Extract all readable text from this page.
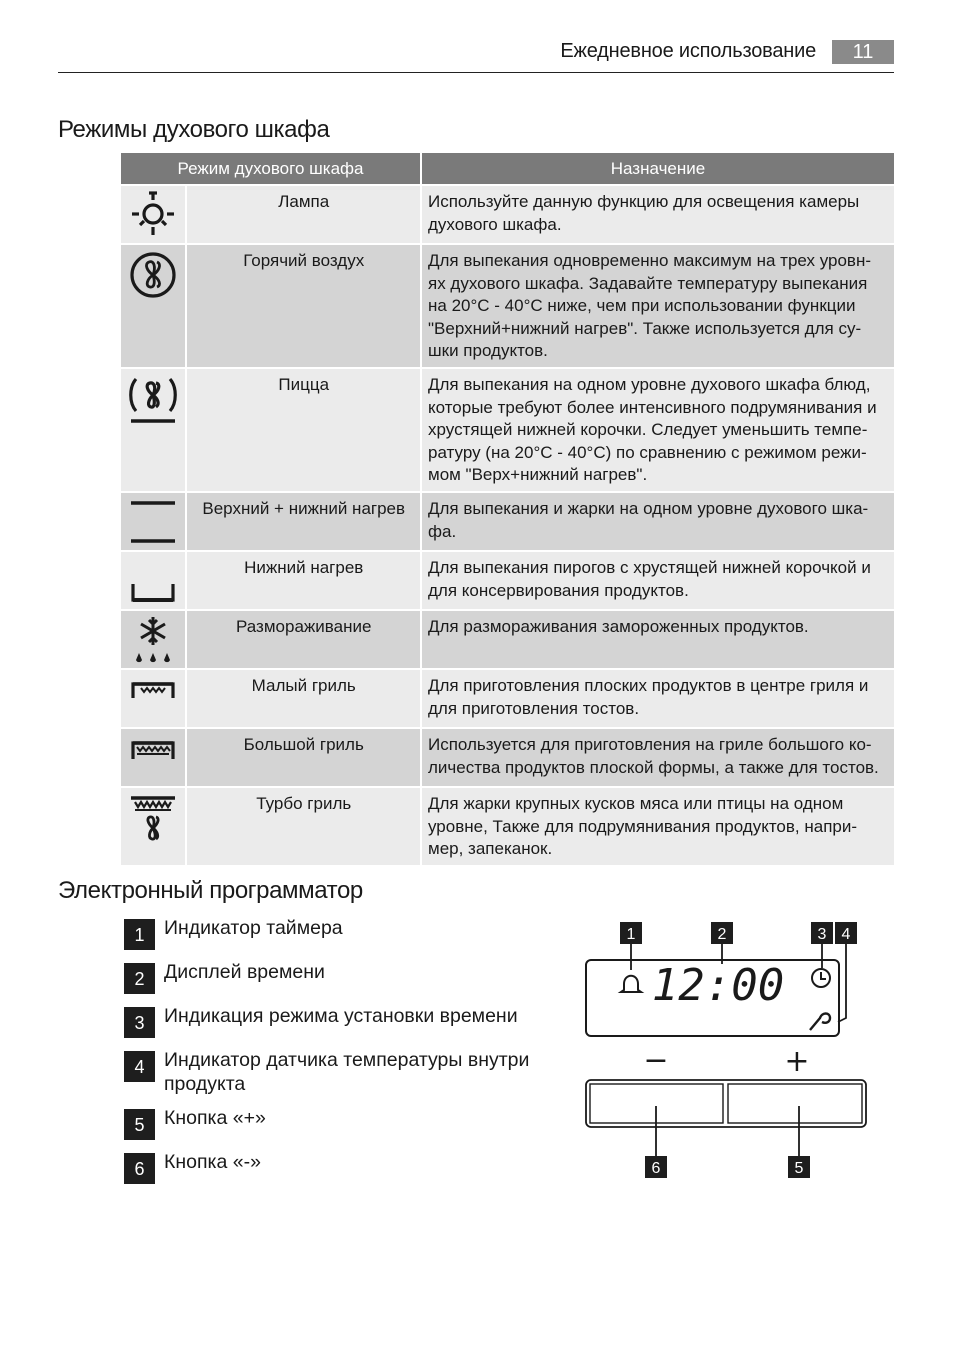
Ежедневное использование	11
Режимы духового шкафа
Режим духового шкафа		Назначение

	Лампа	Используйте данную функцию для освещения камеры духового шкафа.

	Горячий воздух	Для выпекания одновременно максимум на трех уровн-ях духового шкафа. Задавайте температуру выпекания на 20°C - 40°C ниже, чем при использовании функции "Верхний+нижний нагрев". Также используется для су-шки продуктов.

	Пицца	Для выпекания на одном уровне духового шкафа блюд, которые требуют более интенсивного подрумянивания и хрустящей нижней корочки. Следует уменьшить темпе-ратуру (на 20°C - 40°C) по сравнению с режимом режи-мом "Верх+нижний нагрев".

	Верхний + нижний нагрев	Для выпекания и жарки на одном уровне духового шка-фа.

	Нижний нагрев	Для выпекания пирогов с хрустящей нижней корочкой и для консервирования продуктов.

	Размораживание	Для размораживания замороженных продуктов.

	Малый гриль	Для приготовления плоских продуктов в центре гриля и для приготовления тостов.

	Большой гриль	Используется для приготовления на гриле большого ко-личества продуктов плоской формы, а также для тостов.

	Турбо гриль	Для жарки крупных кусков мяса или птицы на одном уровне, Также для подрумянивания продуктов, напри-мер, запеканок.
Электронный программатор
1	Индикатор таймера
2	Дисплей времени
3	Индикация режима установки времени
4	Индикатор датчика температуры внутри продукта
5	Кнопка «+»
6	Кнопка «-»
1	2	3 4
12:00
−	+
6	5
